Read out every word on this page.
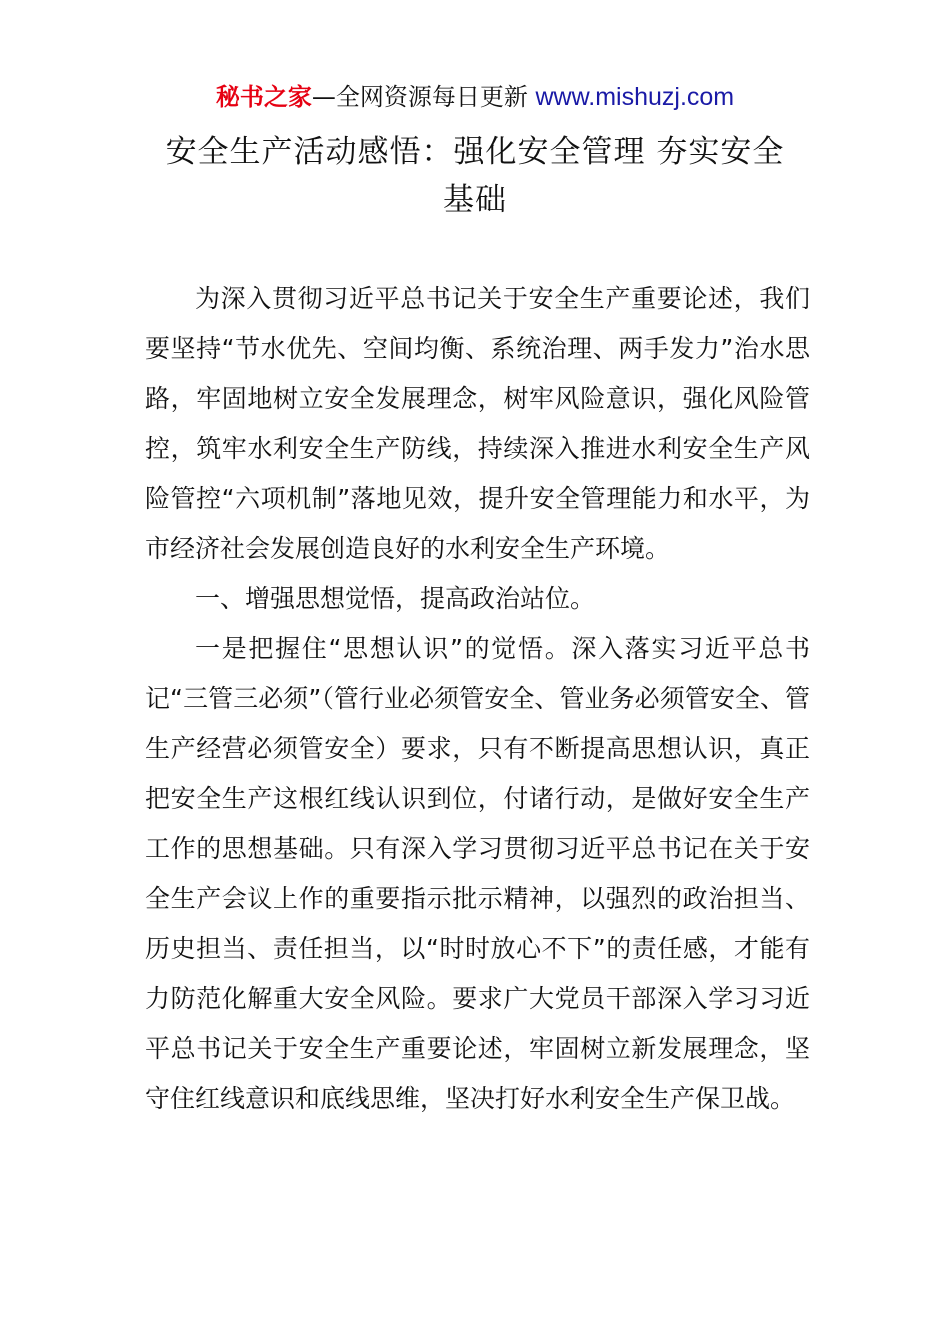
秘书之家—全网资源每日更新 www.mishuzj.com
安全生产活动感悟：强化安全管理 夯实安全
基础

为深入贯彻习近平总书记关于安全生产重要论述，我们要坚持“节水优先、空间均衡、系统治理、两手发力”治水思路，牢固地树立安全发展理念，树牢风险意识，强化风险管控，筑牢水利安全生产防线，持续深入推进水利安全生产风险管控“六项机制”落地见效，提升安全管理能力和水平，为市经济社会发展创造良好的水利安全生产环境。

一、增强思想觉悟，提高政治站位。

一是把握住“思想认识”的觉悟。深入落实习近平总书记“三管三必须”（管行业必须管安全、管业务必须管安全、管生产经营必须管安全）要求，只有不断提高思想认识，真正把安全生产这根红线认识到位，付诸行动，是做好安全生产工作的思想基础。只有深入学习贯彻习近平总书记在关于安全生产会议上作的重要指示批示精神，以强烈的政治担当、历史担当、责任担当，以“时时放心不下”的责任感，才能有力防范化解重大安全风险。要求广大党员干部深入学习习近平总书记关于安全生产重要论述，牢固树立新发展理念，坚守住红线意识和底线思维，坚决打好水利安全生产保卫战。
